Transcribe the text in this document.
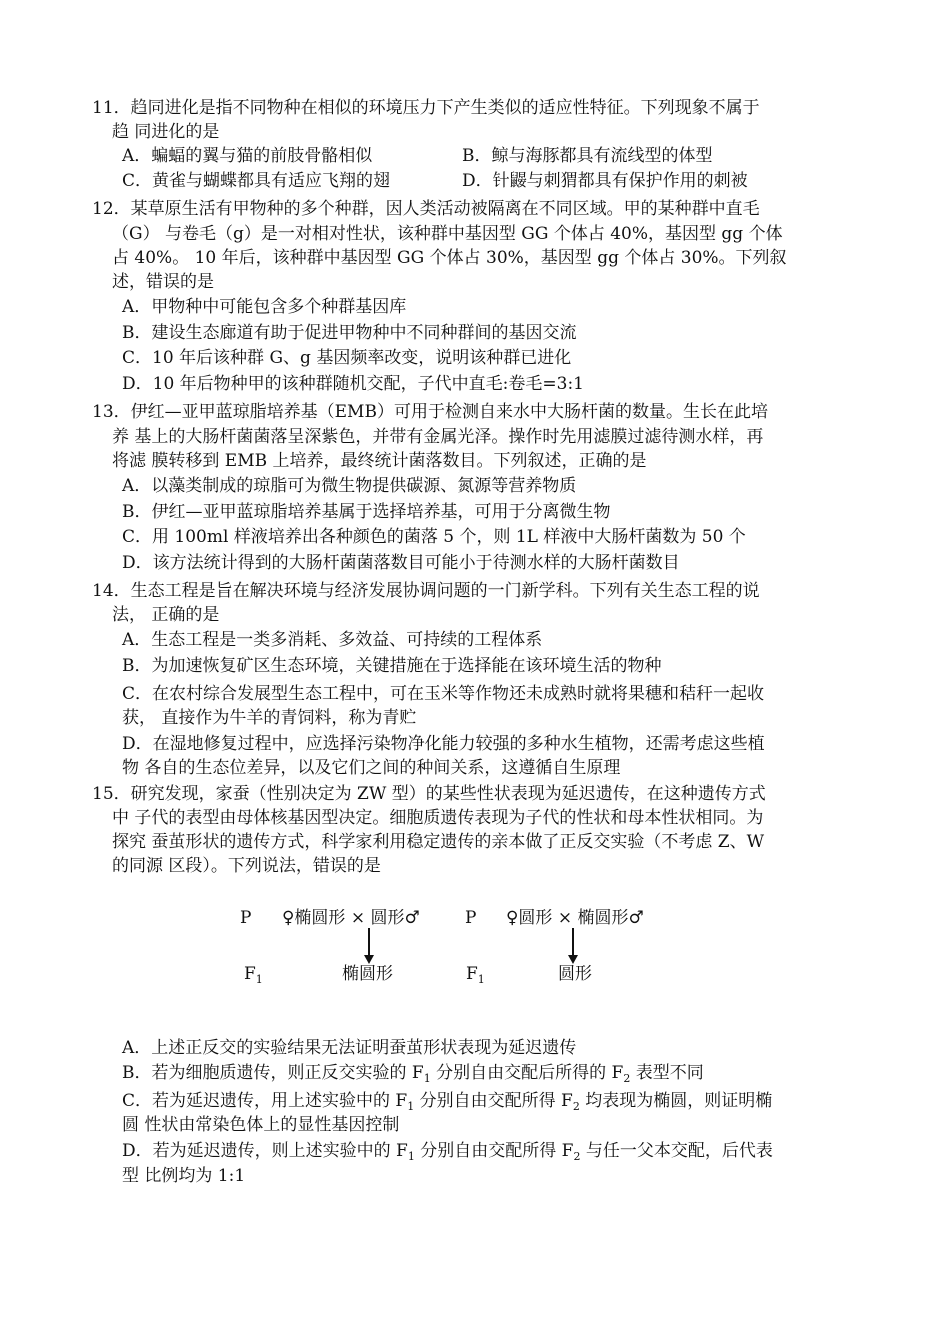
11．趋同进化是指不同物种在相似的环境压力下产生类似的适应性特征。下列现象不属于
趋 同进化的是
A．蝙蝠的翼与猫的前肢骨骼相似	B．鲸与海豚都具有流线型的体型
C．黄雀与蝴蝶都具有适应飞翔的翅	D．针鼹与刺猬都具有保护作用的刺被
12．某草原生活有甲物种的多个种群，因人类活动被隔离在不同区域。甲的某种群中直毛
（G） 与卷毛（g）是一对相对性状，该种群中基因型 GG 个体占 40%，基因型 gg 个体
占 40%。 10 年后，该种群中基因型 GG 个体占 30%，基因型 gg 个体占 30%。下列叙
述，错误的是
A．甲物种中可能包含多个种群基因库
B．建设生态廊道有助于促进甲物种中不同种群间的基因交流
C．10 年后该种群 G、g 基因频率改变，说明该种群已进化
D．10 年后物种甲的该种群随机交配，子代中直毛:卷毛=3:1
13．伊红—亚甲蓝琼脂培养基（EMB）可用于检测自来水中大肠杆菌的数量。生长在此培
养 基上的大肠杆菌菌落呈深紫色，并带有金属光泽。操作时先用滤膜过滤待测水样，再
将滤 膜转移到 EMB 上培养，最终统计菌落数目。下列叙述，正确的是
A．以藻类制成的琼脂可为微生物提供碳源、氮源等营养物质
B．伊红—亚甲蓝琼脂培养基属于选择培养基，可用于分离微生物
C．用 100ml 样液培养出各种颜色的菌落 5 个，则 1L 样液中大肠杆菌数为 50 个
D．该方法统计得到的大肠杆菌菌落数目可能小于待测水样的大肠杆菌数目
14．生态工程是旨在解决环境与经济发展协调问题的一门新学科。下列有关生态工程的说
法， 正确的是
A．生态工程是一类多消耗、多效益、可持续的工程体系
B．为加速恢复矿区生态环境，关键措施在于选择能在该环境生活的物种
C．在农村综合发展型生态工程中，可在玉米等作物还未成熟时就将果穗和秸秆一起收
获， 直接作为牛羊的青饲料，称为青贮
D．在湿地修复过程中，应选择污染物净化能力较强的多种水生植物，还需考虑这些植
物 各自的生态位差异，以及它们之间的种间关系，这遵循自生原理
15．研究发现，家蚕（性别决定为 ZW 型）的某些性状表现为延迟遗传，在这种遗传方式
中 子代的表型由母体核基因型决定。细胞质遗传表现为子代的性状和母本性状相同。为
探究 蚕茧形状的遗传方式，科学家利用稳定遗传的亲本做了正反交实验（不考虑 Z、W
的同源 区段）。下列说法，错误的是
P ♀椭圆形 × 圆形♂
$F_1$	椭圆形
P ♀圆形 × 椭圆形♂
$F_1$	圆形
A．上述正反交的实验结果无法证明蚕茧形状表现为延迟遗传
B．若为细胞质遗传，则正反交实验的 $F_1$ 分别自由交配后所得的 $F_2$ 表型不同
C．若为延迟遗传，用上述实验中的 $F_1$ 分别自由交配所得 $F_2$ 均表现为椭圆，则证明椭
圆 性状由常染色体上的显性基因控制
D．若为延迟遗传，则上述实验中的 $F_1$ 分别自由交配所得 $F_2$ 与任一父本交配，后代表
型 比例均为 1:1
